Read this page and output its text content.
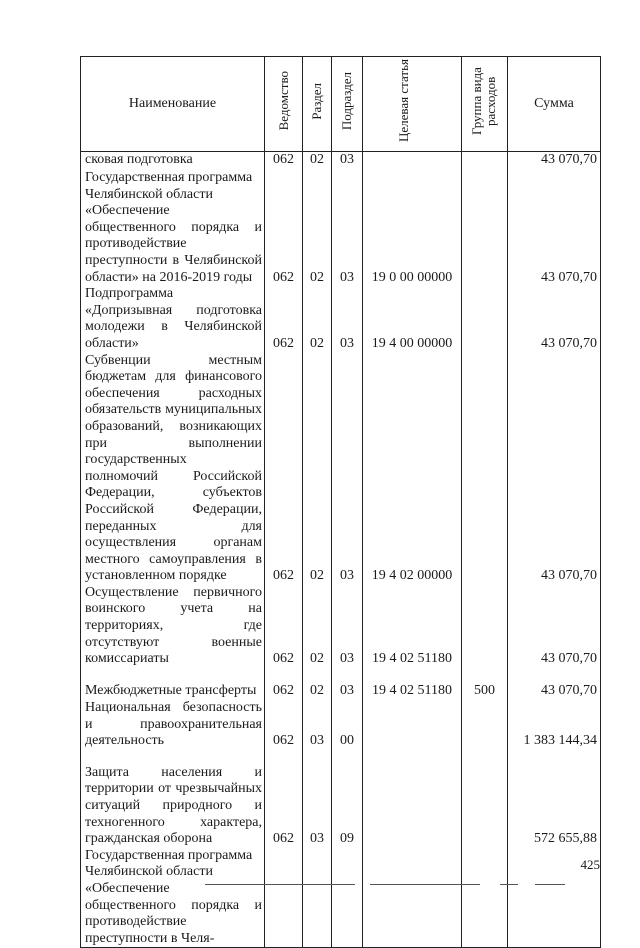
Наименование	Ведомство	Раздел	Подраздел	Целевая статья	Группа вида расходов	Сумма

сковая подготовка	062	02	03			43 070,70

Государственная программа
Челябинской области
«Обеспечение общественного порядка и противодействие преступности в Челябинской области» на 2016-2019 годы	062	02	03	19 0 00 00000		43 070,70

Подпрограмма «Допризывная подготовка молодежи в Челябинской области»	062	02	03	19 4 00 00000		43 070,70

Субвенции местным бюджетам для финансового обеспечения расходных обязательств муниципальных образований, возникающих при выполнении государственных полномочий Российской Федерации, субъектов Российской Федерации, переданных для осуществления органам местного самоуправления в установленном порядке	062	02	03	19 4 02 00000		43 070,70

Осуществление первичного воинского учета на территориях, где отсутствуют военные комиссариаты	062	02	03	19 4 02 51180		43 070,70

Межбюджетные трансферты	062	02	03	19 4 02 51180	500	43 070,70

Национальная безопасность и правоохранительная деятельность	062	03	00			1 383 144,34

Защита населения и территории от чрезвычайных ситуаций природного и техногенного характера, гражданская оборона	062	03	09			572 655,88

Государственная программа
Челябинской области
«Обеспечение общественного порядка и противодействие преступности в Челя-						

425
